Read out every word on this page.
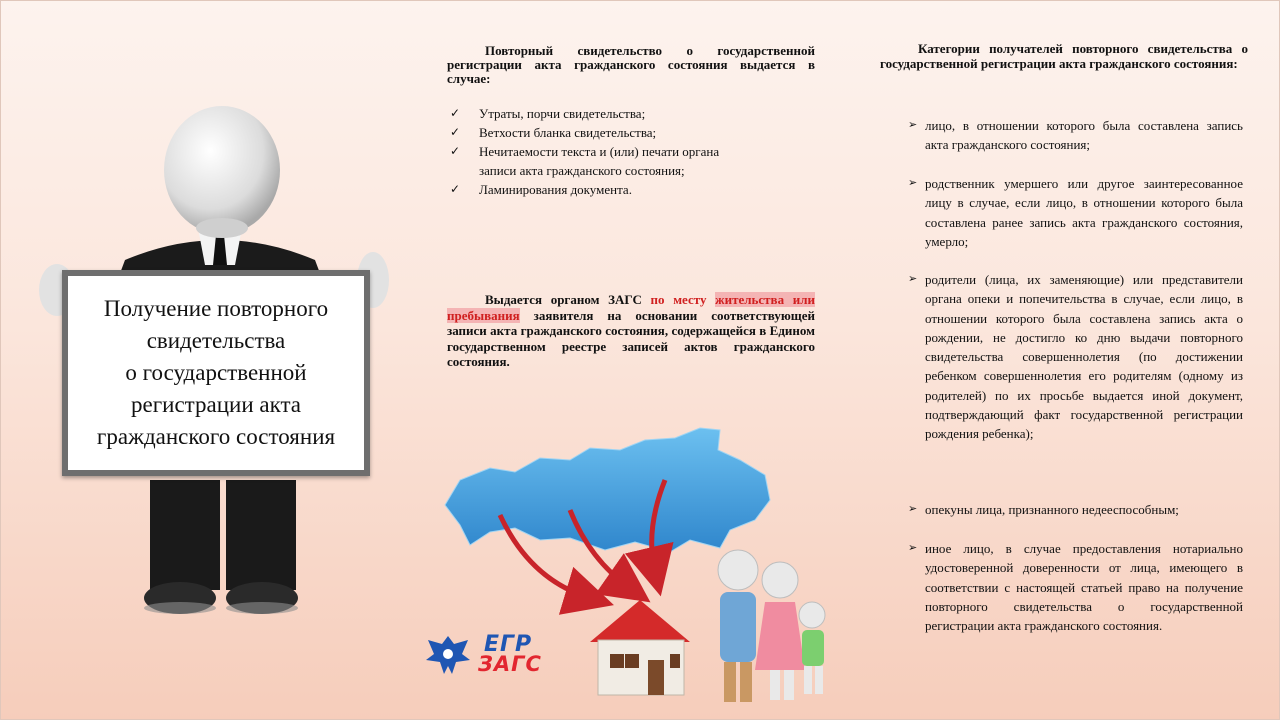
Получение повторного
свидетельства
о государственной
регистрации акта
гражданского состояния
Повторный свидетельство о государственной регистрации акта гражданского состояния выдается в случае:
✓ Утраты, порчи свидетельства;
✓ Ветхости бланка свидетельства;
✓ Нечитаемости текста и (или) печати органа записи акта гражданского состояния;
✓ Ламинирования документа.
Выдается органом ЗАГС по месту жительства или пребывания заявителя на основании соответствующей записи акта гражданского состояния, содержащейся в Едином государственном реестре записей актов гражданского состояния.
Категории получателей повторного свидетельства о государственной регистрации акта гражданского состояния:
➢ лицо, в отношении которого была составлена запись акта гражданского состояния;
➢ родственник умершего или другое заинтересованное лицу в случае, если лицо, в отношении которого была составлена ранее запись акта гражданского состояния, умерло;
➢ родители (лица, их заменяющие) или представители органа опеки и попечительства в случае, если лицо, в отношении которого была составлена запись акта о рождении, не достигло ко дню выдачи повторного свидетельства совершеннолетия (по достижении ребенком совершеннолетия его родителям (одному из родителей) по их просьбе выдается иной документ, подтверждающий факт государственной регистрации рождения ребенка);
➢ опекуны лица, признанного недееспособным;
➢ иное лицо, в случае предоставления нотариально удостоверенной доверенности от лица, имеющего в соответствии с настоящей статьей право на получение повторного свидетельства о государственной регистрации акта гражданского состояния.
ЕГР
ЗАГС
